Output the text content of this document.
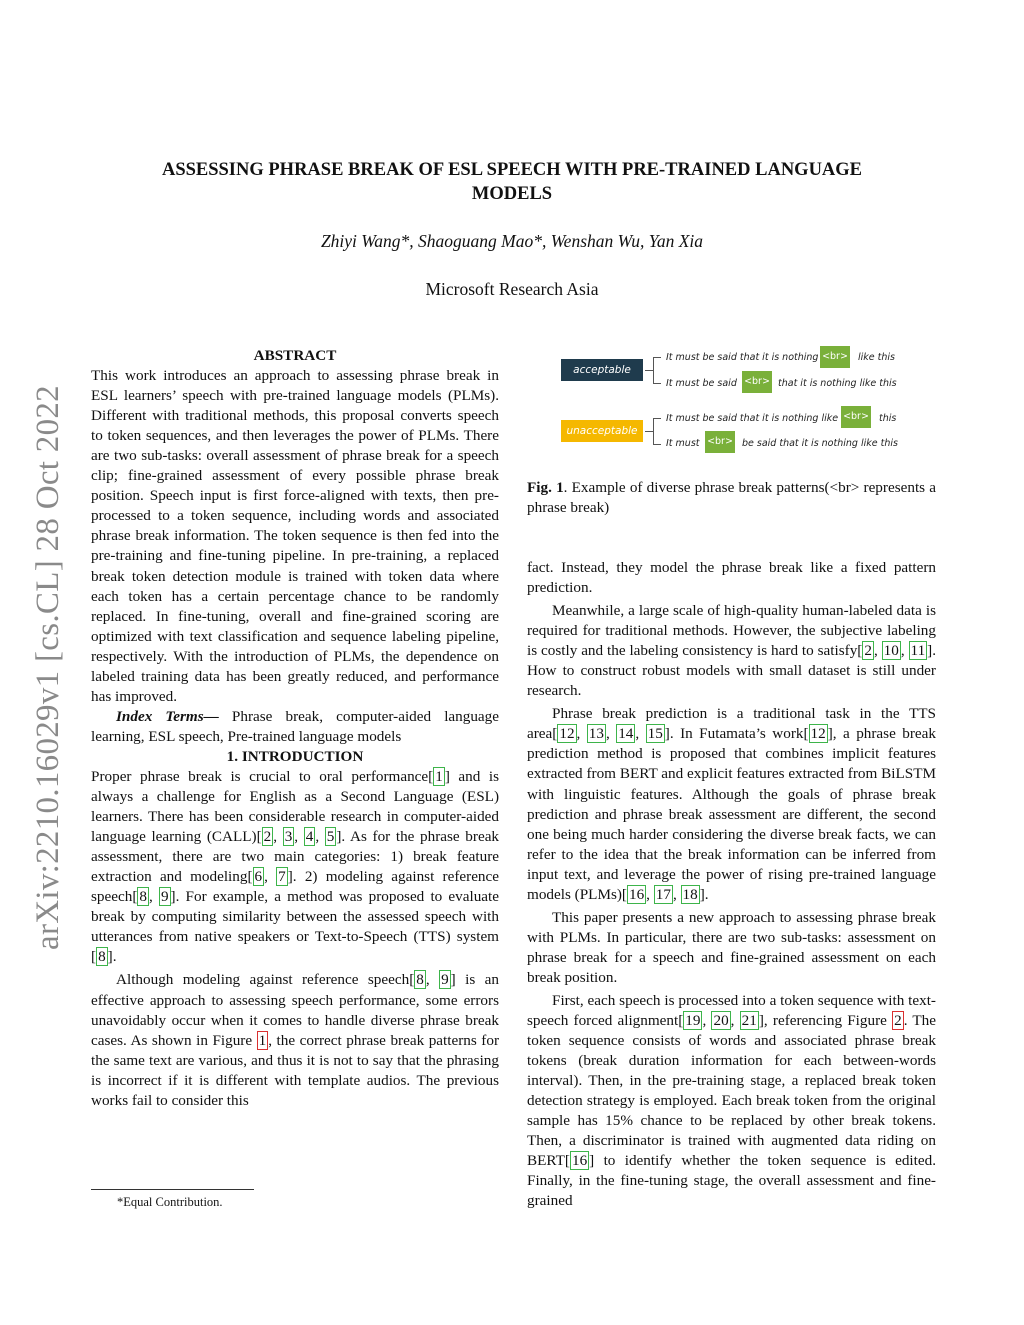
arXiv:2210.16029v1 [cs.CL] 28 Oct 2022
ASSESSING PHRASE BREAK OF ESL SPEECH WITH PRE-TRAINED LANGUAGE MODELS
Zhiyi Wang*, Shaoguang Mao*, Wenshan Wu, Yan Xia
Microsoft Research Asia

ABSTRACT

This work introduces an approach to assessing phrase break in ESL learners’ speech with pre-trained language models (PLMs). Different with traditional methods, this proposal converts speech to token sequences, and then leverages the power of PLMs. There are two sub-tasks: overall assessment of phrase break for a speech clip; fine-grained assessment of every possible phrase break position. Speech input is first force-aligned with texts, then pre-processed to a token sequence, including words and associated phrase break information. The token sequence is then fed into the pre-training and fine-tuning pipeline. In pre-training, a replaced break token detection module is trained with token data where each token has a certain percentage chance to be randomly replaced. In fine-tuning, overall and fine-grained scoring are optimized with text classification and sequence labeling pipeline, respectively. With the introduction of PLMs, the dependence on labeled training data has been greatly reduced, and performance has improved.

Index Terms— Phrase break, computer-aided language learning, ESL speech, Pre-trained language models

1. INTRODUCTION

Proper phrase break is crucial to oral performance[ 1 ] and is always a challenge for English as a Second Language (ESL) learners. There has been considerable research in computer-aided language learning (CALL)[ 2 , 3 , 4 , 5 ]. As for the phrase break assessment, there are two main categories: 1) break feature extraction and modeling[ 6 , 7 ]. 2) modeling against reference speech[ 8 , 9 ]. For example, a method was proposed to evaluate break by computing similarity between the assessed speech with utterances from native speakers or Text-to-Speech (TTS) system [ 8 ].

Although modeling against reference speech[ 8 , 9 ] is an effective approach to assessing speech performance, some errors unavoidably occur when it comes to handle diverse phrase break cases. As shown in Figure 1 , the correct phrase break patterns for the same text are various, and thus it is not to say that the phrasing is incorrect if it is different with template audios. The previous works fail to consider this

*Equal Contribution.
acceptable
unacceptable
It must be said that it is nothing <br> like this
It must be said <br> that it is nothing like this
It must be said that it is nothing like <br> this
It must <br> be said that it is nothing like this
Fig. 1. Example of diverse phrase break patterns(<br> represents a phrase break)

fact. Instead, they model the phrase break like a fixed pattern prediction.

Meanwhile, a large scale of high-quality human-labeled data is required for traditional methods. However, the subjective labeling is costly and the labeling consistency is hard to satisfy[ 2 , 10 , 11 ]. How to construct robust models with small dataset is still under research.

Phrase break prediction is a traditional task in the TTS area[ 12 , 13 , 14 , 15 ]. In Futamata’s work[ 12 ], a phrase break prediction method is proposed that combines implicit features extracted from BERT and explicit features extracted from BiLSTM with linguistic features. Although the goals of phrase break prediction and phrase break assessment are different, the second one being much harder considering the diverse break facts, we can refer to the idea that the break information can be inferred from input text, and leverage the power of rising pre-trained language models (PLMs)[ 16 , 17 , 18 ].

This paper presents a new approach to assessing phrase break with PLMs. In particular, there are two sub-tasks: assessment on phrase break for a speech and fine-grained assessment on each break position.

First, each speech is processed into a token sequence with text-speech forced alignment[ 19 , 20 , 21 ], referencing Figure 2 . The token sequence consists of words and associated phrase break tokens (break duration information for each between-words interval). Then, in the pre-training stage, a replaced break token detection strategy is employed. Each break token from the original sample has 15% chance to be replaced by other break tokens. Then, a discriminator is trained with augmented data riding on BERT[ 16 ] to identify whether the token sequence is edited. Finally, in the fine-tuning stage, the overall assessment and fine-grained
